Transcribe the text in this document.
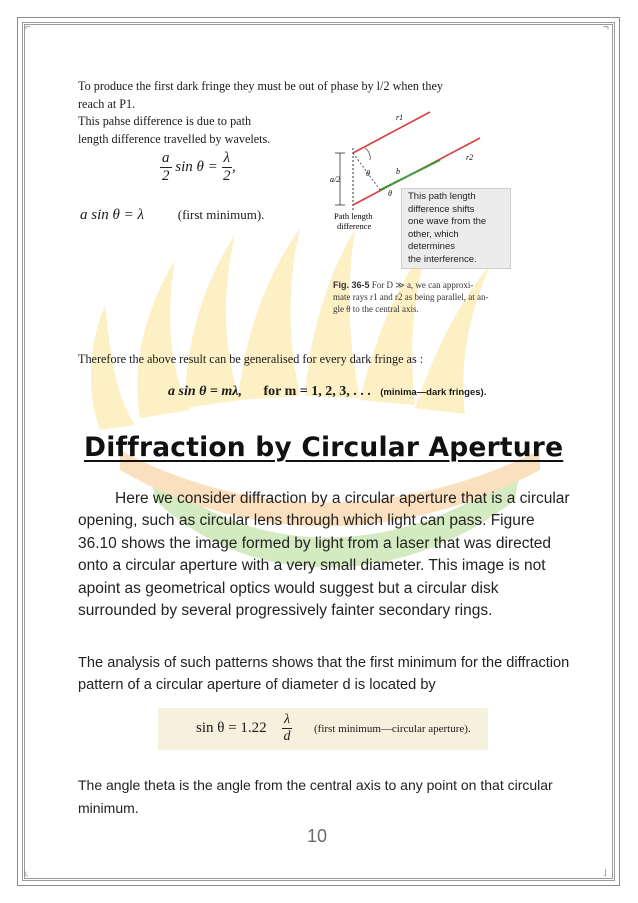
⌐	¬
˪	˩
To produce the first dark fringe they must be out of phase by l/2 when they
reach at P1.
This pahse difference is due to path
length difference travelled by wavelets.
$\frac{a}{2}$ $\sin \theta = \frac{\lambda}{2}$ ,
a sin θ = λ	(first minimum).
r1
r2
a/2
θ
θ
b
Path length
difference
This path length
difference shifts
one wave from the
other, which
determines
the interference.
Fig. 36-5 For D ≫ a, we can approxi-
mate rays r1 and r2 as being parallel, at an-
gle θ to the central axis.
Therefore the above result can be generalised for every dark fringe as :
a sin θ = mλ, for m = 1, 2, 3, . . . (minima—dark fringes).
Diffraction by Circular Aperture
Here we consider diffraction by a circular aperture that is a circular opening, such as circular lens through which light can pass. Figure 36.10 shows the image formed by light from a laser that was directed onto a circular aperture with a very small diameter. This image is not apoint as geometrical optics would suggest but a circular disk surrounded by several progressively fainter secondary rings.
The analysis of such patterns shows that the first minimum for the diffraction pattern of a circular aperture of diameter d is located by
$\sin \theta = 1.22 \frac{\lambda}{d}$ (first minimum—circular aperture).
The angle theta is the angle from the central axis to any point on that circular minimum.
10
